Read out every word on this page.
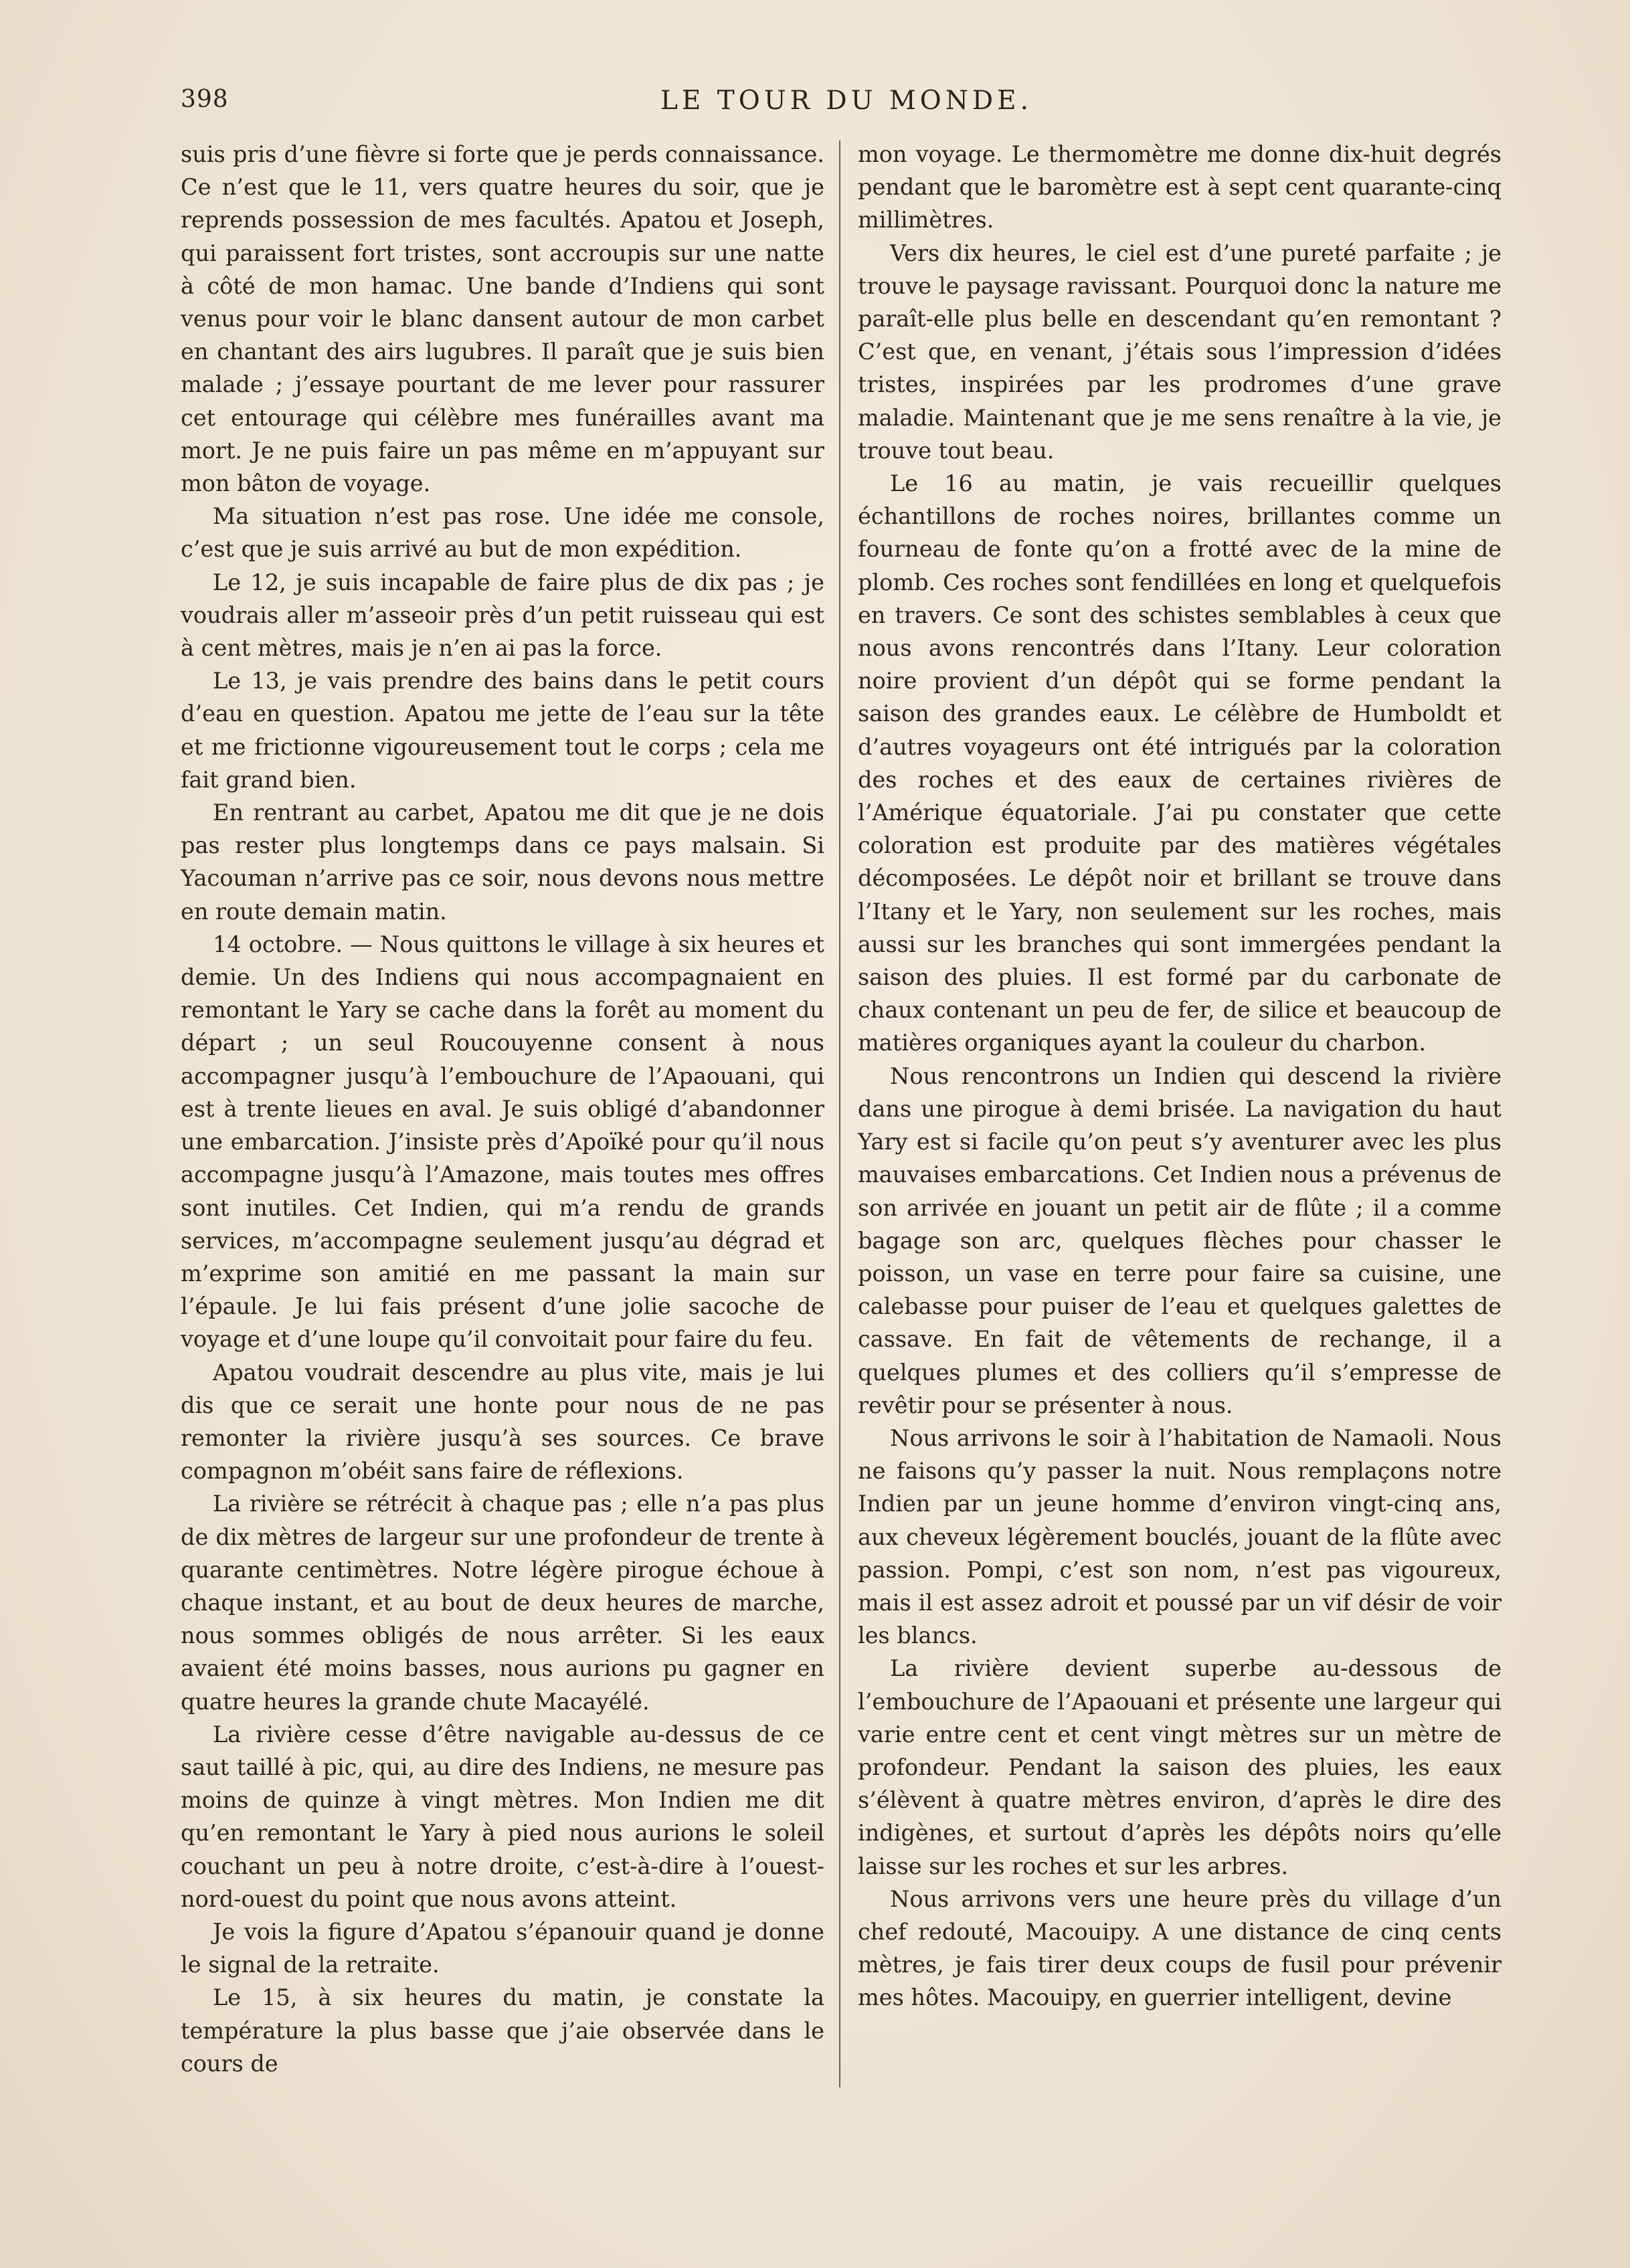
398	LE TOUR DU MONDE.

suis pris d’une fièvre si forte que je perds connaissance. Ce n’est que le 11, vers quatre heures du soir, que je reprends possession de mes facultés. Apatou et Joseph, qui paraissent fort tristes, sont accroupis sur une natte à côté de mon hamac. Une bande d’Indiens qui sont venus pour voir le blanc dansent autour de mon carbet en chantant des airs lugubres. Il paraît que je suis bien malade ; j’essaye pourtant de me lever pour rassurer cet entourage qui célèbre mes funérailles avant ma mort. Je ne puis faire un pas même en m’appuyant sur mon bâton de voyage.

Ma situation n’est pas rose. Une idée me console, c’est que je suis arrivé au but de mon expédition.

Le 12, je suis incapable de faire plus de dix pas ; je voudrais aller m’asseoir près d’un petit ruisseau qui est à cent mètres, mais je n’en ai pas la force.

Le 13, je vais prendre des bains dans le petit cours d’eau en question. Apatou me jette de l’eau sur la tête et me frictionne vigoureusement tout le corps ; cela me fait grand bien.

En rentrant au carbet, Apatou me dit que je ne dois pas rester plus longtemps dans ce pays malsain. Si Yacouman n’arrive pas ce soir, nous devons nous mettre en route demain matin.

14 octobre. — Nous quittons le village à six heures et demie. Un des Indiens qui nous accompagnaient en remontant le Yary se cache dans la forêt au moment du départ ; un seul Roucouyenne consent à nous accompagner jusqu’à l’embouchure de l’Apaouani, qui est à trente lieues en aval. Je suis obligé d’abandonner une embarcation. J’insiste près d’Apoïké pour qu’il nous accompagne jusqu’à l’Amazone, mais toutes mes offres sont inutiles. Cet Indien, qui m’a rendu de grands services, m’accompagne seulement jusqu’au dégrad et m’exprime son amitié en me passant la main sur l’épaule. Je lui fais présent d’une jolie sacoche de voyage et d’une loupe qu’il convoitait pour faire du feu.

Apatou voudrait descendre au plus vite, mais je lui dis que ce serait une honte pour nous de ne pas remonter la rivière jusqu’à ses sources. Ce brave compagnon m’obéit sans faire de réflexions.

La rivière se rétrécit à chaque pas ; elle n’a pas plus de dix mètres de largeur sur une profondeur de trente à quarante centimètres. Notre légère pirogue échoue à chaque instant, et au bout de deux heures de marche, nous sommes obligés de nous arrêter. Si les eaux avaient été moins basses, nous aurions pu gagner en quatre heures la grande chute Macayélé.

La rivière cesse d’être navigable au-dessus de ce saut taillé à pic, qui, au dire des Indiens, ne mesure pas moins de quinze à vingt mètres. Mon Indien me dit qu’en remontant le Yary à pied nous aurions le soleil couchant un peu à notre droite, c’est-à-dire à l’ouest-nord-ouest du point que nous avons atteint.

Je vois la figure d’Apatou s’épanouir quand je donne le signal de la retraite.

Le 15, à six heures du matin, je constate la température la plus basse que j’aie observée dans le cours de

mon voyage. Le thermomètre me donne dix-huit degrés pendant que le baromètre est à sept cent quarante-cinq millimètres.

Vers dix heures, le ciel est d’une pureté parfaite ; je trouve le paysage ravissant. Pourquoi donc la nature me paraît-elle plus belle en descendant qu’en remontant ? C’est que, en venant, j’étais sous l’impression d’idées tristes, inspirées par les prodromes d’une grave maladie. Maintenant que je me sens renaître à la vie, je trouve tout beau.

Le 16 au matin, je vais recueillir quelques échantillons de roches noires, brillantes comme un fourneau de fonte qu’on a frotté avec de la mine de plomb. Ces roches sont fendillées en long et quelquefois en travers. Ce sont des schistes semblables à ceux que nous avons rencontrés dans l’Itany. Leur coloration noire provient d’un dépôt qui se forme pendant la saison des grandes eaux. Le célèbre de Humboldt et d’autres voyageurs ont été intrigués par la coloration des roches et des eaux de certaines rivières de l’Amérique équatoriale. J’ai pu constater que cette coloration est produite par des matières végétales décomposées. Le dépôt noir et brillant se trouve dans l’Itany et le Yary, non seulement sur les roches, mais aussi sur les branches qui sont immergées pendant la saison des pluies. Il est formé par du carbonate de chaux contenant un peu de fer, de silice et beaucoup de matières organiques ayant la couleur du charbon.

Nous rencontrons un Indien qui descend la rivière dans une pirogue à demi brisée. La navigation du haut Yary est si facile qu’on peut s’y aventurer avec les plus mauvaises embarcations. Cet Indien nous a prévenus de son arrivée en jouant un petit air de flûte ; il a comme bagage son arc, quelques flèches pour chasser le poisson, un vase en terre pour faire sa cuisine, une calebasse pour puiser de l’eau et quelques galettes de cassave. En fait de vêtements de rechange, il a quelques plumes et des colliers qu’il s’empresse de revêtir pour se présenter à nous.

Nous arrivons le soir à l’habitation de Namaoli. Nous ne faisons qu’y passer la nuit. Nous remplaçons notre Indien par un jeune homme d’environ vingt-cinq ans, aux cheveux légèrement bouclés, jouant de la flûte avec passion. Pompi, c’est son nom, n’est pas vigoureux, mais il est assez adroit et poussé par un vif désir de voir les blancs.

La rivière devient superbe au-dessous de l’embouchure de l’Apaouani et présente une largeur qui varie entre cent et cent vingt mètres sur un mètre de profondeur. Pendant la saison des pluies, les eaux s’élèvent à quatre mètres environ, d’après le dire des indigènes, et surtout d’après les dépôts noirs qu’elle laisse sur les roches et sur les arbres.

Nous arrivons vers une heure près du village d’un chef redouté, Macouipy. A une distance de cinq cents mètres, je fais tirer deux coups de fusil pour prévenir mes hôtes. Macouipy, en guerrier intelligent, devine
